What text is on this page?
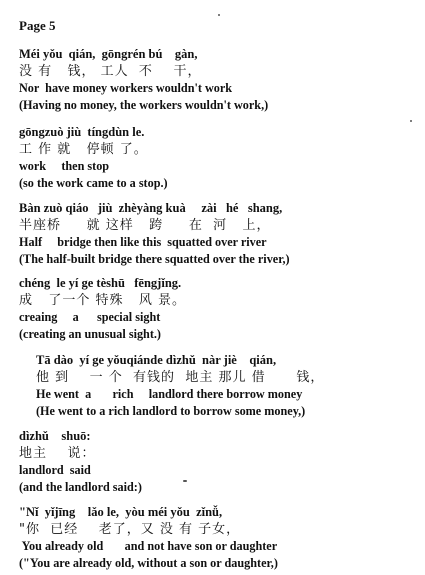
Page 5
Méi yǒu  qián,  gōngrén bú    gàn,
没 有   钱， 工人  不    干，
Nor  have money workers wouldn't work
(Having no money, the workers wouldn't work,)
gōngzuò jiù  tíngdùn le.
工 作 就   停顿 了。
work     then stop
(so the work came to a stop.)
Bàn zuò qiáo   jiù  zhèyàng kuà     zài   hé   shang,
半座桥     就 这样   跨     在  河   上，
Half     bridge then like this  squatted over river
(The half-built bridge there squatted over the river,)
chéng  le yí ge tèshū   fēngjǐng.
成   了一个 特殊   风 景。
creaing     a      special sight
(creating an unusual sight.)
Tā dào  yí ge yǒuqiánde dìzhǔ  nàr jiè    qián,
他 到    一 个  有钱的  地主 那儿 借      钱，
He went  a       rich     landlord there borrow money
(He went to a rich landlord to borrow some money,)
dìzhǔ    shuō:
地主    说：
landlord  said
(and the landlord said:)
"Nǐ  yǐjīng    lǎo le,  yòu méi yǒu  zǐnǚ,
"你  已经    老了，又 没 有 子女，
You already old       and not have son or daughter
("You are already old, without a son or daughter,)
